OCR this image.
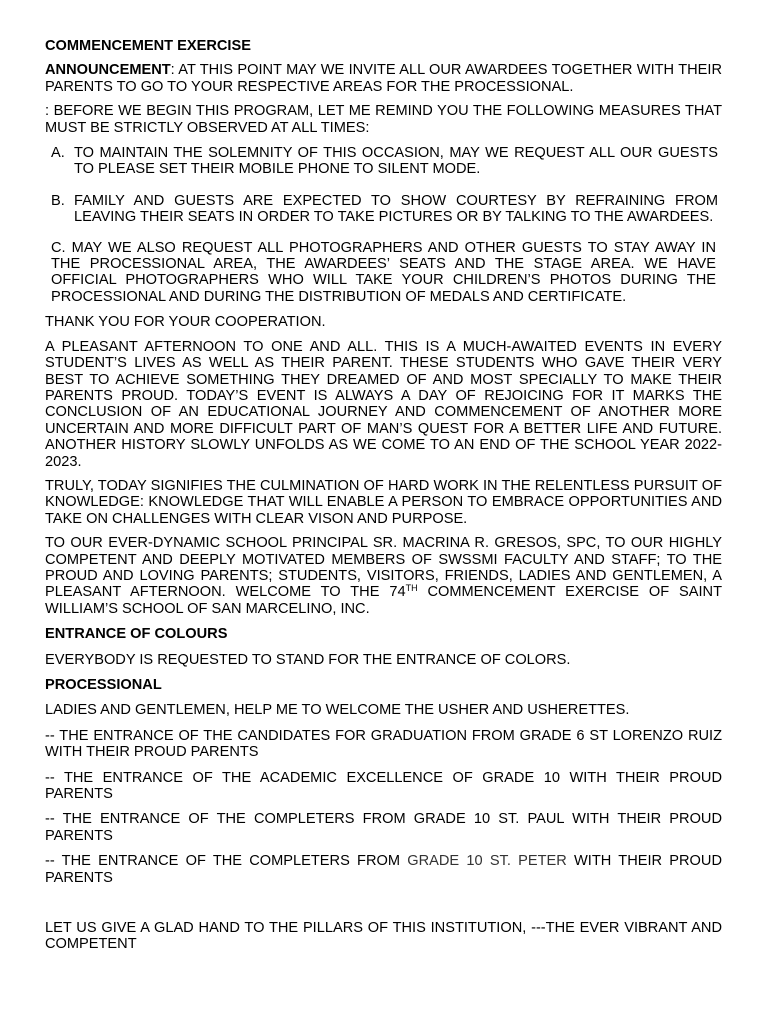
COMMENCEMENT EXERCISE

ANNOUNCEMENT: AT THIS POINT MAY WE INVITE ALL OUR AWARDEES TOGETHER WITH THEIR PARENTS TO GO TO YOUR RESPECTIVE AREAS FOR THE PROCESSIONAL.

: BEFORE WE BEGIN THIS PROGRAM, LET ME REMIND YOU THE FOLLOWING MEASURES THAT MUST BE STRICTLY OBSERVED AT ALL TIMES:

A. TO MAINTAIN THE SOLEMNITY OF THIS OCCASION, MAY WE REQUEST ALL OUR GUESTS TO PLEASE SET THEIR MOBILE PHONE TO SILENT MODE.
B. FAMILY AND GUESTS ARE EXPECTED TO SHOW COURTESY BY REFRAINING FROM LEAVING THEIR SEATS IN ORDER TO TAKE PICTURES OR BY TALKING TO THE AWARDEES.

C. MAY WE ALSO REQUEST ALL PHOTOGRAPHERS AND OTHER GUESTS TO STAY AWAY IN THE PROCESSIONAL AREA, THE AWARDEES’ SEATS AND THE STAGE AREA. WE HAVE OFFICIAL PHOTOGRAPHERS WHO WILL TAKE YOUR CHILDREN’S PHOTOS DURING THE PROCESSIONAL AND DURING THE DISTRIBUTION OF MEDALS AND CERTIFICATE.

THANK YOU FOR YOUR COOPERATION.

A PLEASANT AFTERNOON TO ONE AND ALL. THIS IS A MUCH-AWAITED EVENTS IN EVERY STUDENT’S LIVES AS WELL AS THEIR PARENT. THESE STUDENTS WHO GAVE THEIR VERY BEST TO ACHIEVE SOMETHING THEY DREAMED OF AND MOST SPECIALLY TO MAKE THEIR PARENTS PROUD. TODAY’S EVENT IS ALWAYS A DAY OF REJOICING FOR IT MARKS THE CONCLUSION OF AN EDUCATIONAL JOURNEY AND COMMENCEMENT OF ANOTHER MORE UNCERTAIN AND MORE DIFFICULT PART OF MAN’S QUEST FOR A BETTER LIFE AND FUTURE. ANOTHER HISTORY SLOWLY UNFOLDS AS WE COME TO AN END OF THE SCHOOL YEAR 2022-2023.

TRULY, TODAY SIGNIFIES THE CULMINATION OF HARD WORK IN THE RELENTLESS PURSUIT OF KNOWLEDGE: KNOWLEDGE THAT WILL ENABLE A PERSON TO EMBRACE OPPORTUNITIES AND TAKE ON CHALLENGES WITH CLEAR VISON AND PURPOSE.

TO OUR EVER-DYNAMIC SCHOOL PRINCIPAL SR. MACRINA R. GRESOS, SPC, TO OUR HIGHLY COMPETENT AND DEEPLY MOTIVATED MEMBERS OF SWSSMI FACULTY AND STAFF; TO THE PROUD AND LOVING PARENTS; STUDENTS, VISITORS, FRIENDS, LADIES AND GENTLEMEN, A PLEASANT AFTERNOON. WELCOME TO THE 74TH COMMENCEMENT EXERCISE OF SAINT WILLIAM’S SCHOOL OF SAN MARCELINO, INC.

ENTRANCE OF COLOURS

EVERYBODY IS REQUESTED TO STAND FOR THE ENTRANCE OF COLORS.

PROCESSIONAL

LADIES AND GENTLEMEN, HELP ME TO WELCOME THE USHER AND USHERETTES.

-- THE ENTRANCE OF THE CANDIDATES FOR GRADUATION FROM GRADE 6 ST LORENZO RUIZ WITH THEIR PROUD PARENTS

-- THE ENTRANCE OF THE ACADEMIC EXCELLENCE OF GRADE 10 WITH THEIR PROUD PARENTS

-- THE ENTRANCE OF THE COMPLETERS FROM GRADE 10 ST. PAUL WITH THEIR PROUD PARENTS

-- THE ENTRANCE OF THE COMPLETERS FROM GRADE 10 ST. PETER WITH THEIR PROUD PARENTS

LET US GIVE A GLAD HAND TO THE PILLARS OF THIS INSTITUTION, ---THE EVER VIBRANT AND COMPETENT
